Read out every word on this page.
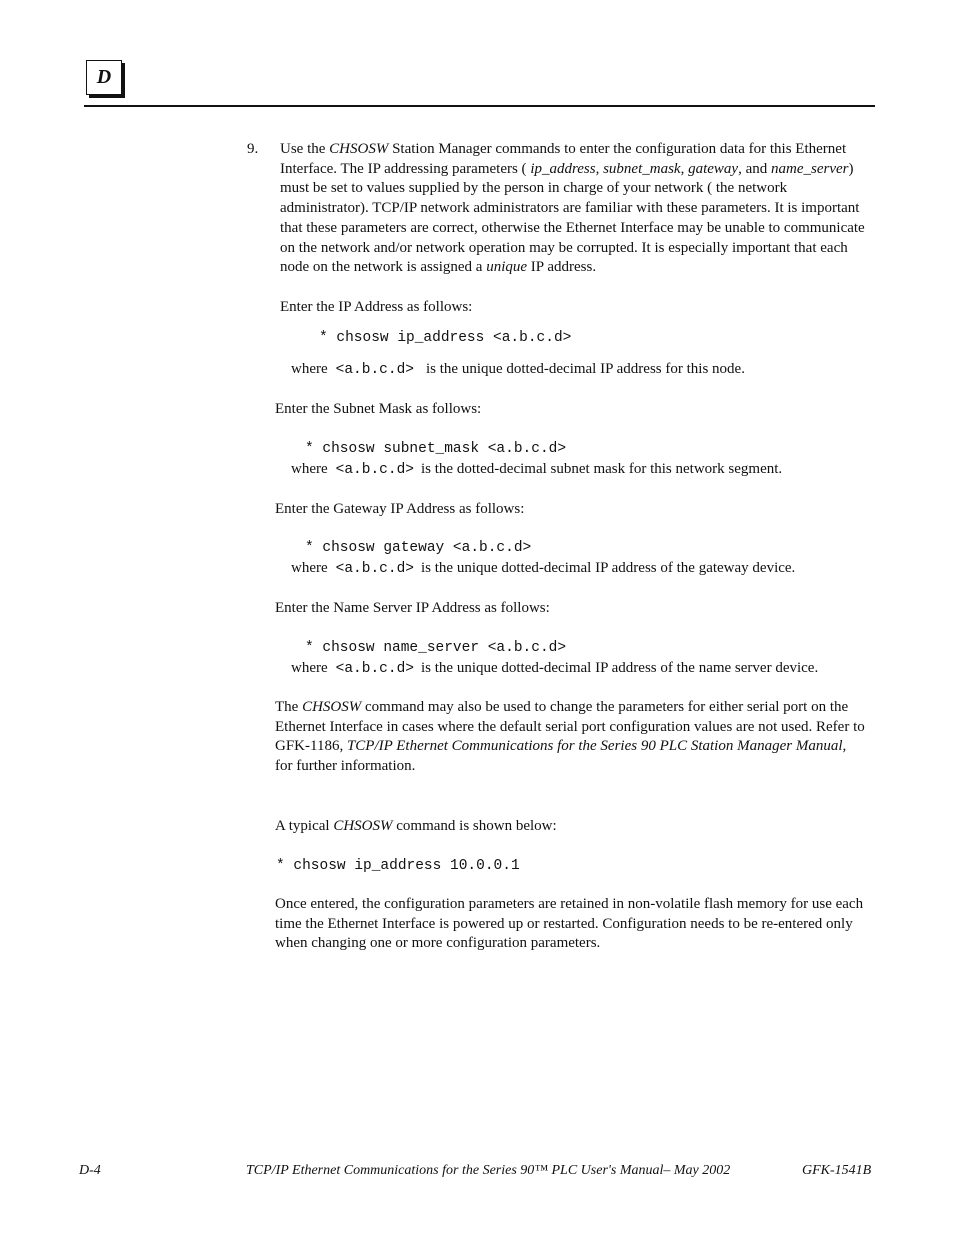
D
9. Use the CHSOSW Station Manager commands to enter the configuration data for this Ethernet Interface. The IP addressing parameters ( ip_address, subnet_mask, gateway, and name_server) must be set to values supplied by the person in charge of your network ( the network administrator). TCP/IP network administrators are familiar with these parameters. It is important that these parameters are correct, otherwise the Ethernet Interface may be unable to communicate on the network and/or network operation may be corrupted. It is especially important that each node on the network is assigned a unique IP address.

Enter the IP Address as follows:

* chsosw ip_address <a.b.c.d>
where <a.b.c.d> is the unique dotted-decimal IP address for this node.

Enter the Subnet Mask as follows:

* chsosw subnet_mask <a.b.c.d>
where <a.b.c.d> is the dotted-decimal subnet mask for this network segment.

Enter the Gateway IP Address as follows:

* chsosw gateway <a.b.c.d>
where <a.b.c.d> is the unique dotted-decimal IP address of the gateway device.

Enter the Name Server IP Address as follows:

* chsosw name_server <a.b.c.d>
where <a.b.c.d> is the unique dotted-decimal IP address of the name server device.

The CHSOSW command may also be used to change the parameters for either serial port on the Ethernet Interface in cases where the default serial port configuration values are not used. Refer to GFK-1186, TCP/IP Ethernet Communications for the Series 90 PLC Station Manager Manual, for further information.

A typical CHSOSW command is shown below:

* chsosw ip_address 10.0.0.1

Once entered, the configuration parameters are retained in non-volatile flash memory for use each time the Ethernet Interface is powered up or restarted. Configuration needs to be re-entered only when changing one or more configuration parameters.

D-4	TCP/IP Ethernet Communications for the Series 90™ PLC User's Manual– May 2002	GFK-1541B
